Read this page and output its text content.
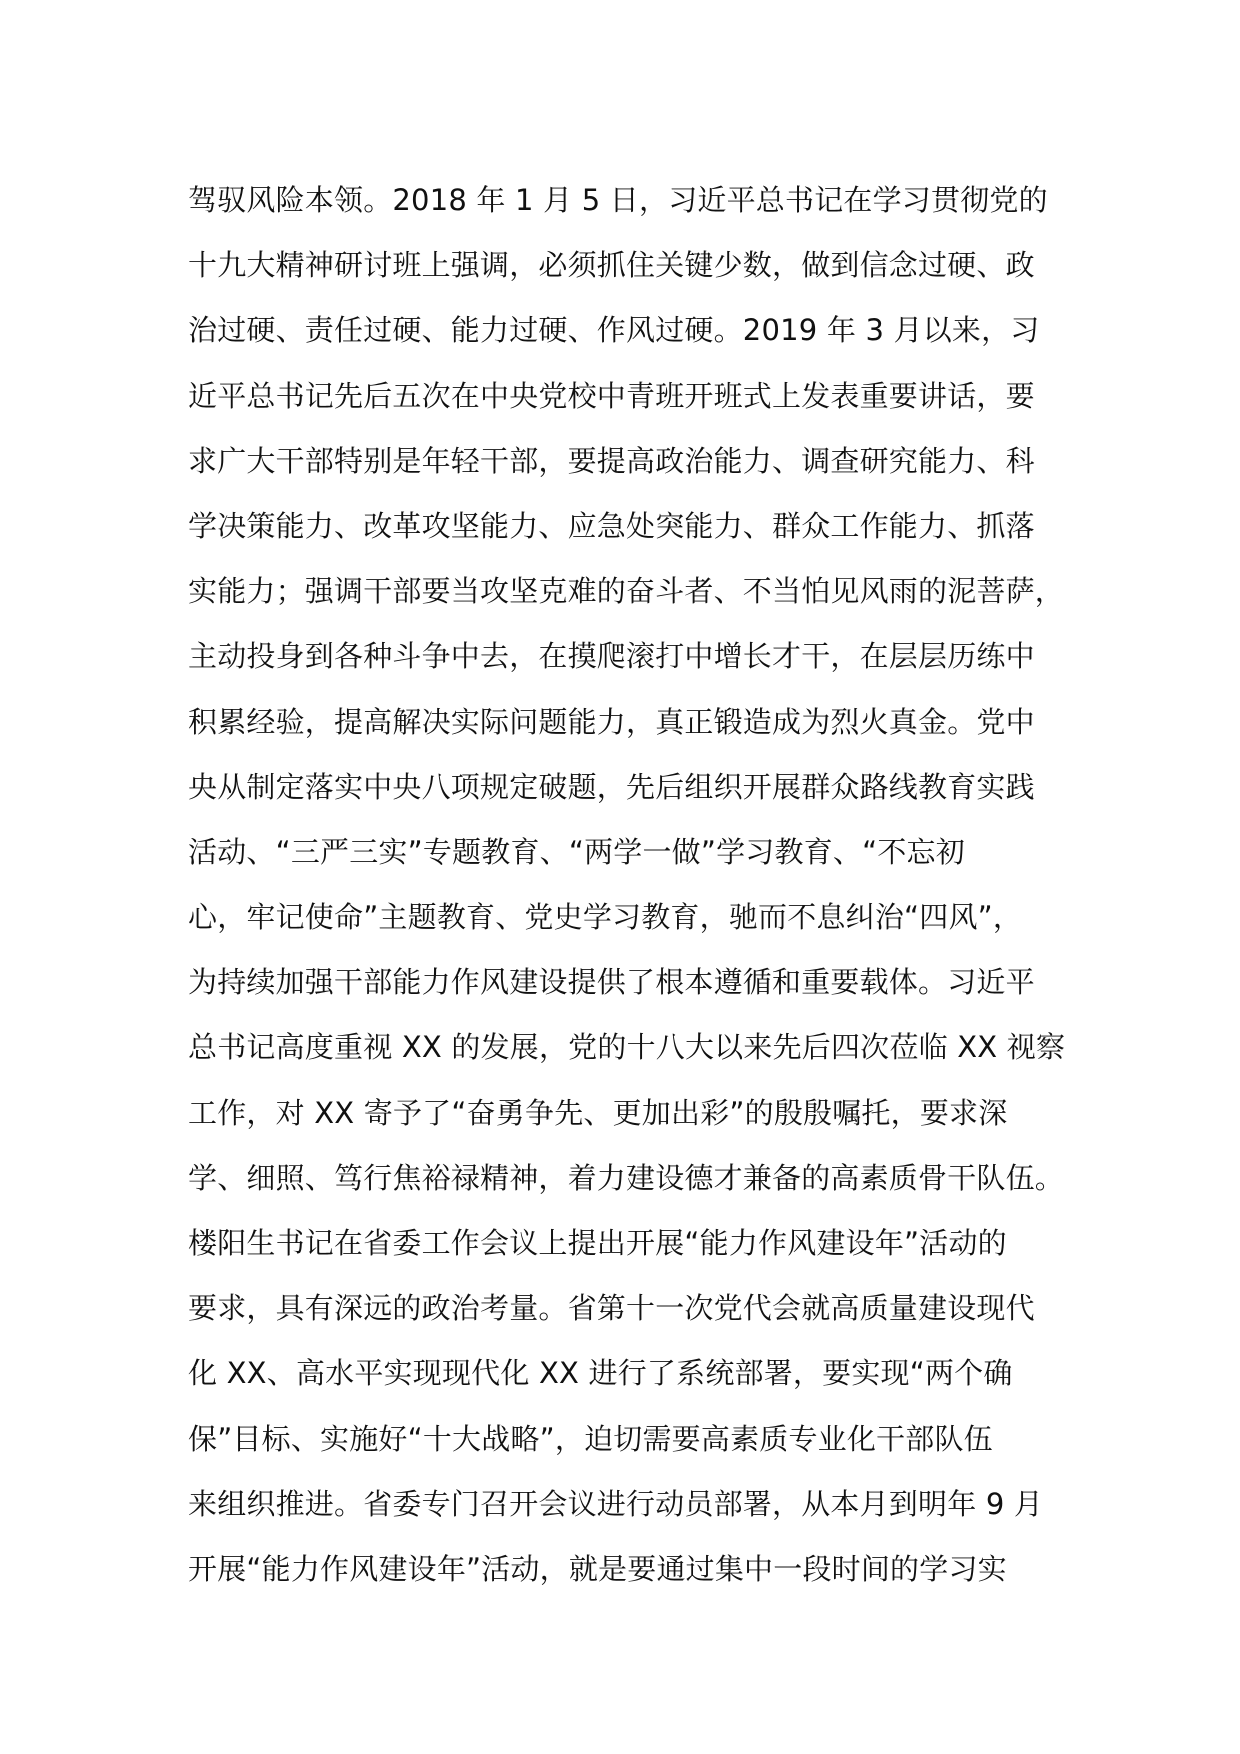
驾驭风险本领。2018 年 1 月 5 日，习近平总书记在学习贯彻党的
十九大精神研讨班上强调，必须抓住关键少数，做到信念过硬、政
治过硬、责任过硬、能力过硬、作风过硬。2019 年 3 月以来，习
近平总书记先后五次在中央党校中青班开班式上发表重要讲话，要
求广大干部特别是年轻干部，要提高政治能力、调查研究能力、科
学决策能力、改革攻坚能力、应急处突能力、群众工作能力、抓落
实能力；强调干部要当攻坚克难的奋斗者、不当怕见风雨的泥菩萨，
主动投身到各种斗争中去，在摸爬滚打中增长才干，在层层历练中
积累经验，提高解决实际问题能力，真正锻造成为烈火真金。党中
央从制定落实中央八项规定破题，先后组织开展群众路线教育实践
活动、“三严三实”专题教育、“两学一做”学习教育、“不忘初
心，牢记使命”主题教育、党史学习教育，驰而不息纠治“四风”，
为持续加强干部能力作风建设提供了根本遵循和重要载体。习近平
总书记高度重视 XX 的发展，党的十八大以来先后四次莅临 XX 视察
工作，对 XX 寄予了“奋勇争先、更加出彩”的殷殷嘱托，要求深
学、细照、笃行焦裕禄精神，着力建设德才兼备的高素质骨干队伍。
楼阳生书记在省委工作会议上提出开展“能力作风建设年”活动的
要求，具有深远的政治考量。省第十一次党代会就高质量建设现代
化 XX、高水平实现现代化 XX 进行了系统部署，要实现“两个确
保”目标、实施好“十大战略”，迫切需要高素质专业化干部队伍
来组织推进。省委专门召开会议进行动员部署，从本月到明年 9 月
开展“能力作风建设年”活动，就是要通过集中一段时间的学习实
